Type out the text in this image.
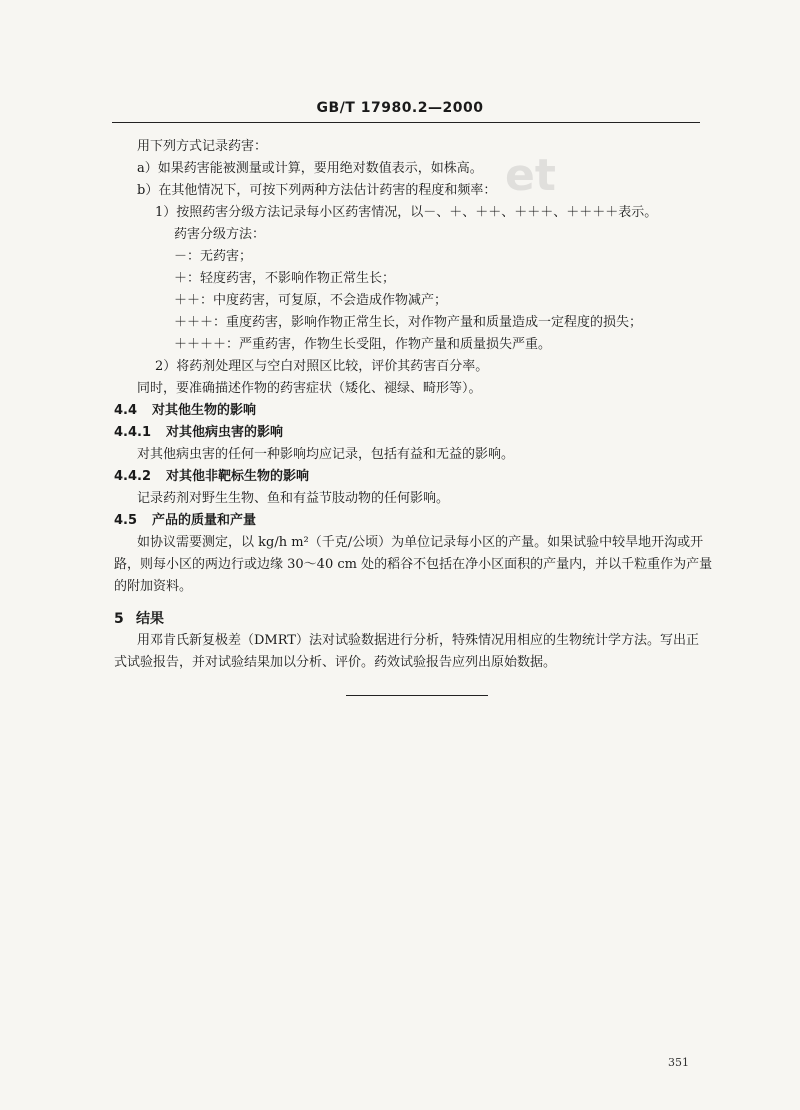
GB/T 17980.2—2000
et
用下列方式记录药害：
a）如果药害能被测量或计算，要用绝对数值表示，如株高。
b）在其他情况下，可按下列两种方法估计药害的程度和频率：
1）按照药害分级方法记录每小区药害情况，以－、＋、＋＋、＋＋＋、＋＋＋＋表示。
药害分级方法：
－：无药害；
＋：轻度药害，不影响作物正常生长；
＋＋：中度药害，可复原，不会造成作物减产；
＋＋＋：重度药害，影响作物正常生长，对作物产量和质量造成一定程度的损失；
＋＋＋＋：严重药害，作物生长受阻，作物产量和质量损失严重。
2）将药剂处理区与空白对照区比较，评价其药害百分率。
同时，要准确描述作物的药害症状（矮化、褪绿、畸形等）。
4.4 对其他生物的影响
4.4.1 对其他病虫害的影响
对其他病虫害的任何一种影响均应记录，包括有益和无益的影响。
4.4.2 对其他非靶标生物的影响
记录药剂对野生生物、鱼和有益节肢动物的任何影响。
4.5 产品的质量和产量
如协议需要测定，以 kg/h m²（千克/公顷）为单位记录每小区的产量。如果试验中较旱地开沟或开
路，则每小区的两边行或边缘 30～40 cm 处的稻谷不包括在净小区面积的产量内，并以千粒重作为产量
的附加资料。
5 结果
用邓肯氏新复极差（DMRT）法对试验数据进行分析，特殊情况用相应的生物统计学方法。写出正
式试验报告，并对试验结果加以分析、评价。药效试验报告应列出原始数据。
351
